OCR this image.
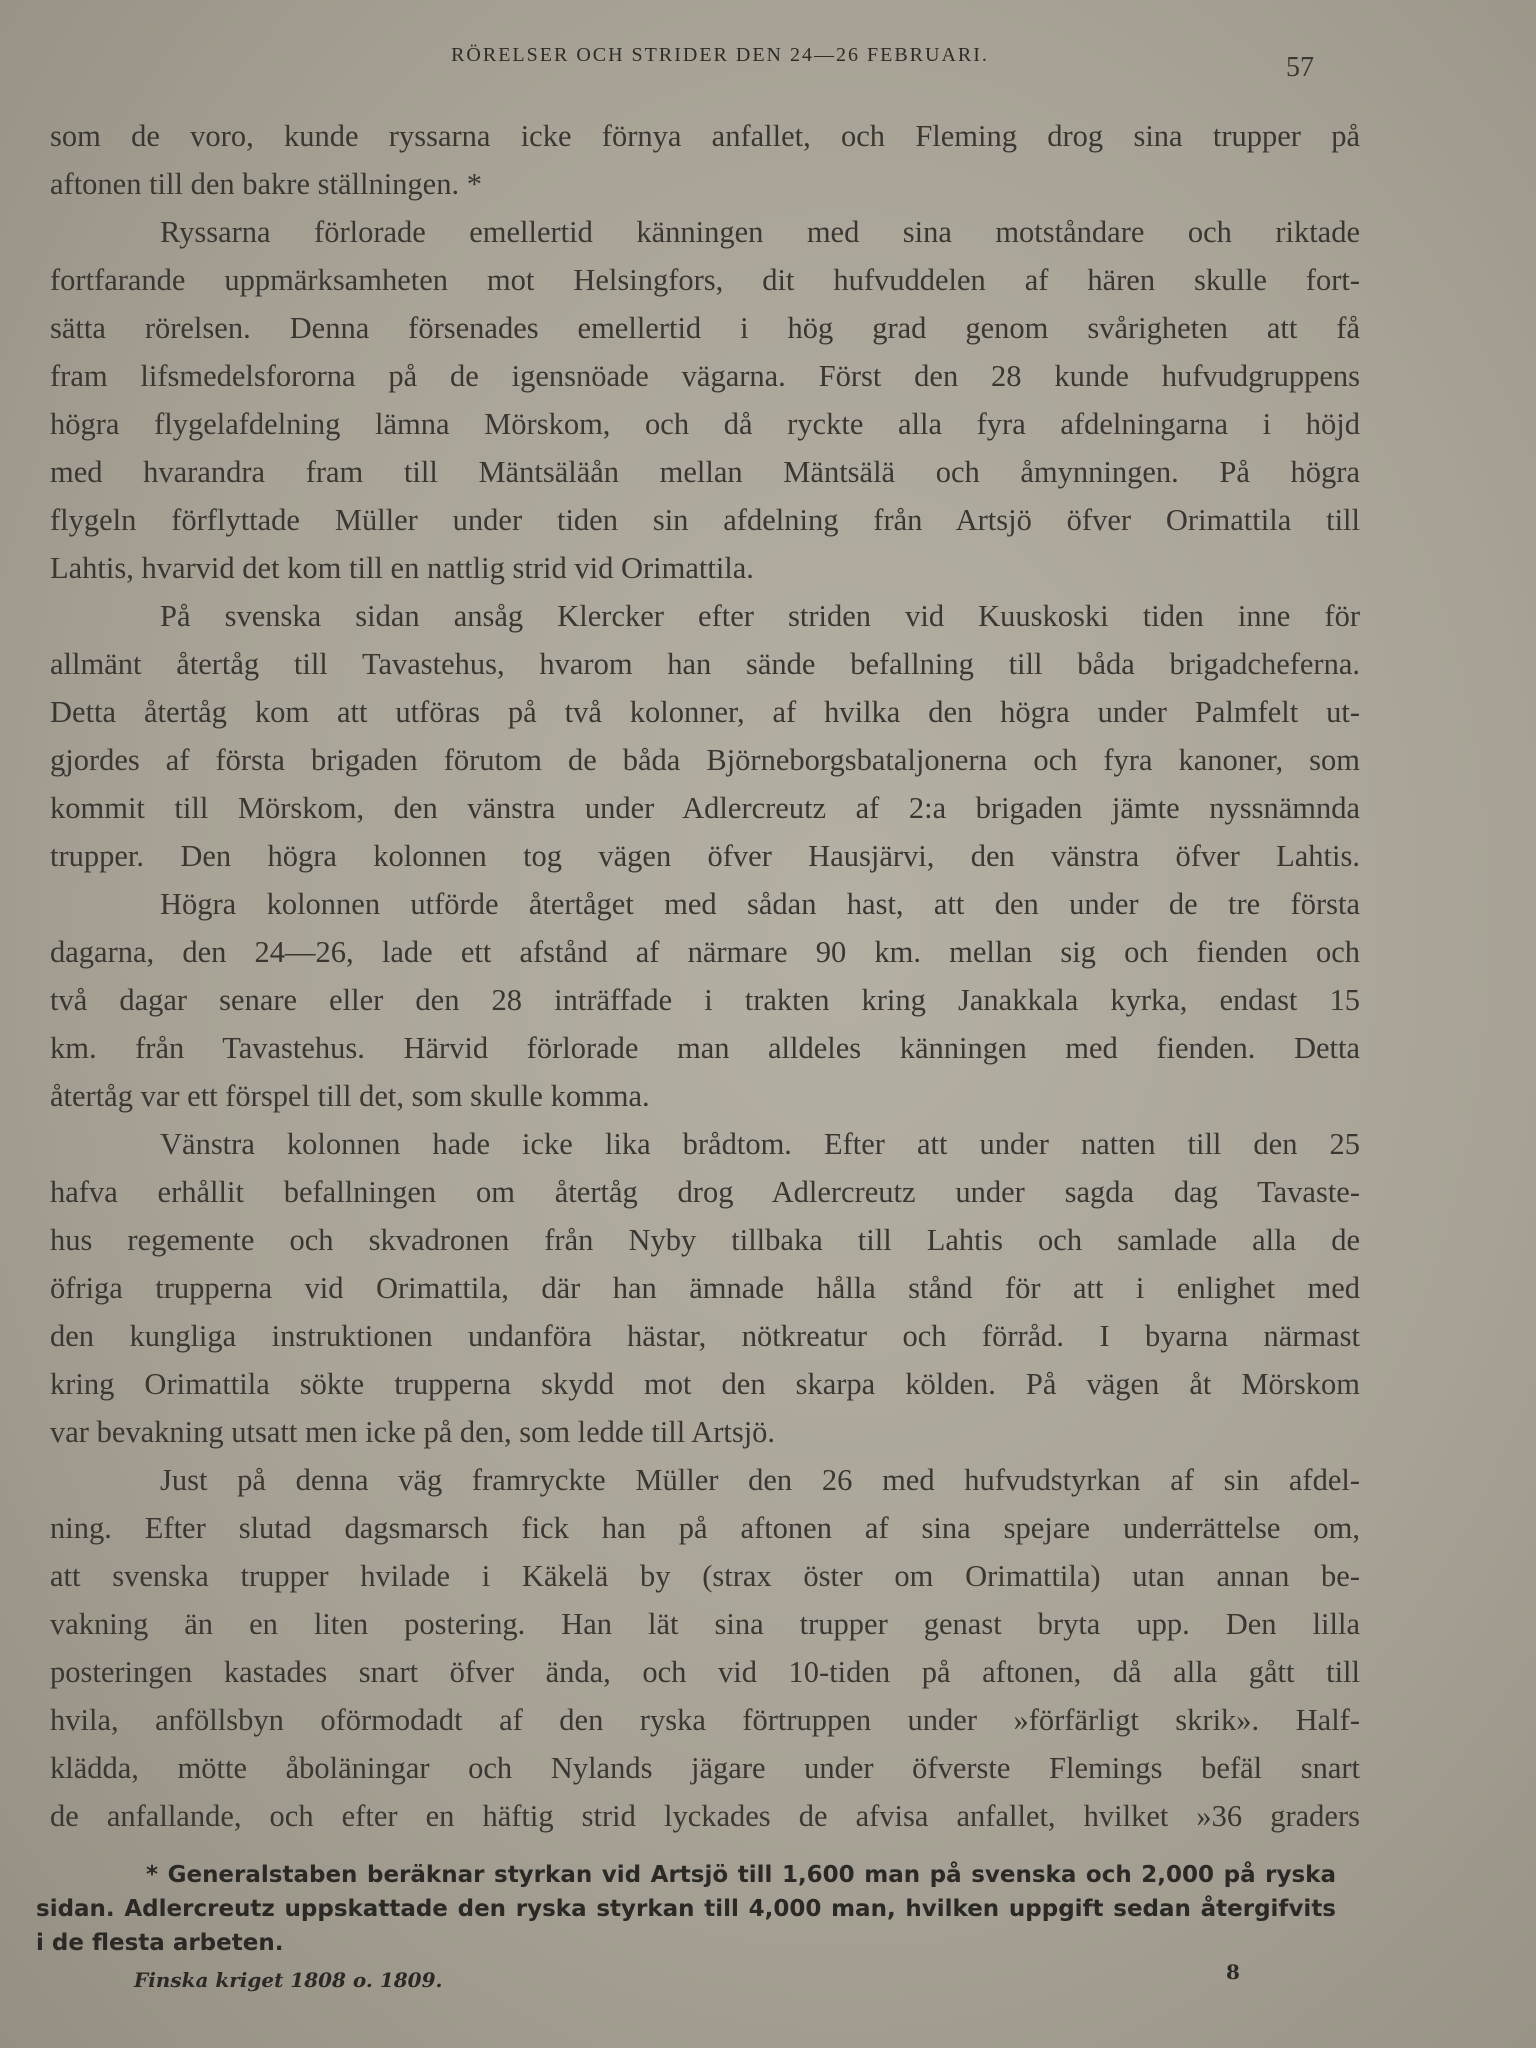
RÖRELSER OCH STRIDER DEN 24—26 FEBRUARI.	57
som de voro, kunde ryssarna icke förnya anfallet, och Fleming drog sina trupper på
aftonen till den bakre ställningen. *
Ryssarna förlorade emellertid känningen med sina motståndare och riktade
fortfarande uppmärksamheten mot Helsingfors, dit hufvuddelen af hären skulle fort-
sätta rörelsen. Denna försenades emellertid i hög grad genom svårigheten att få
fram lifsmedelsfororna på de igensnöade vägarna. Först den 28 kunde hufvudgruppens
högra flygelafdelning lämna Mörskom, och då ryckte alla fyra afdelningarna i höjd
med hvarandra fram till Mäntsäläån mellan Mäntsälä och åmynningen. På högra
flygeln förflyttade Müller under tiden sin afdelning från Artsjö öfver Orimattila till
Lahtis, hvarvid det kom till en nattlig strid vid Orimattila.
På svenska sidan ansåg Klercker efter striden vid Kuuskoski tiden inne för
allmänt återtåg till Tavastehus, hvarom han sände befallning till båda brigadcheferna.
Detta återtåg kom att utföras på två kolonner, af hvilka den högra under Palmfelt ut-
gjordes af första brigaden förutom de båda Björneborgsbataljonerna och fyra kanoner, som
kommit till Mörskom, den vänstra under Adlercreutz af 2:a brigaden jämte nyssnämnda
trupper. Den högra kolonnen tog vägen öfver Hausjärvi, den vänstra öfver Lahtis.
Högra kolonnen utförde återtåget med sådan hast, att den under de tre första
dagarna, den 24—26, lade ett afstånd af närmare 90 km. mellan sig och fienden och
två dagar senare eller den 28 inträffade i trakten kring Janakkala kyrka, endast 15
km. från Tavastehus. Härvid förlorade man alldeles känningen med fienden. Detta
återtåg var ett förspel till det, som skulle komma.
Vänstra kolonnen hade icke lika brådtom. Efter att under natten till den 25
hafva erhållit befallningen om återtåg drog Adlercreutz under sagda dag Tavaste-
hus regemente och skvadronen från Nyby tillbaka till Lahtis och samlade alla de
öfriga trupperna vid Orimattila, där han ämnade hålla stånd för att i enlighet med
den kungliga instruktionen undanföra hästar, nötkreatur och förråd. I byarna närmast
kring Orimattila sökte trupperna skydd mot den skarpa kölden. På vägen åt Mörskom
var bevakning utsatt men icke på den, som ledde till Artsjö.
Just på denna väg framryckte Müller den 26 med hufvudstyrkan af sin afdel-
ning. Efter slutad dagsmarsch fick han på aftonen af sina spejare underrättelse om,
att svenska trupper hvilade i Käkelä by (strax öster om Orimattila) utan annan be-
vakning än en liten postering. Han lät sina trupper genast bryta upp. Den lilla
posteringen kastades snart öfver ända, och vid 10-tiden på aftonen, då alla gått till
hvila, anföllsbyn oförmodadt af den ryska förtruppen under »förfärligt skrik». Half-
klädda, mötte åboläningar och Nylands jägare under öfverste Flemings befäl snart
de anfallande, och efter en häftig strid lyckades de afvisa anfallet, hvilket »36 graders
* Generalstaben beräknar styrkan vid Artsjö till 1,600 man på svenska och 2,000 på ryska
sidan. Adlercreutz uppskattade den ryska styrkan till 4,000 man, hvilken uppgift sedan återgifvits
i de flesta arbeten.
Finska kriget 1808 o. 1809.	8
